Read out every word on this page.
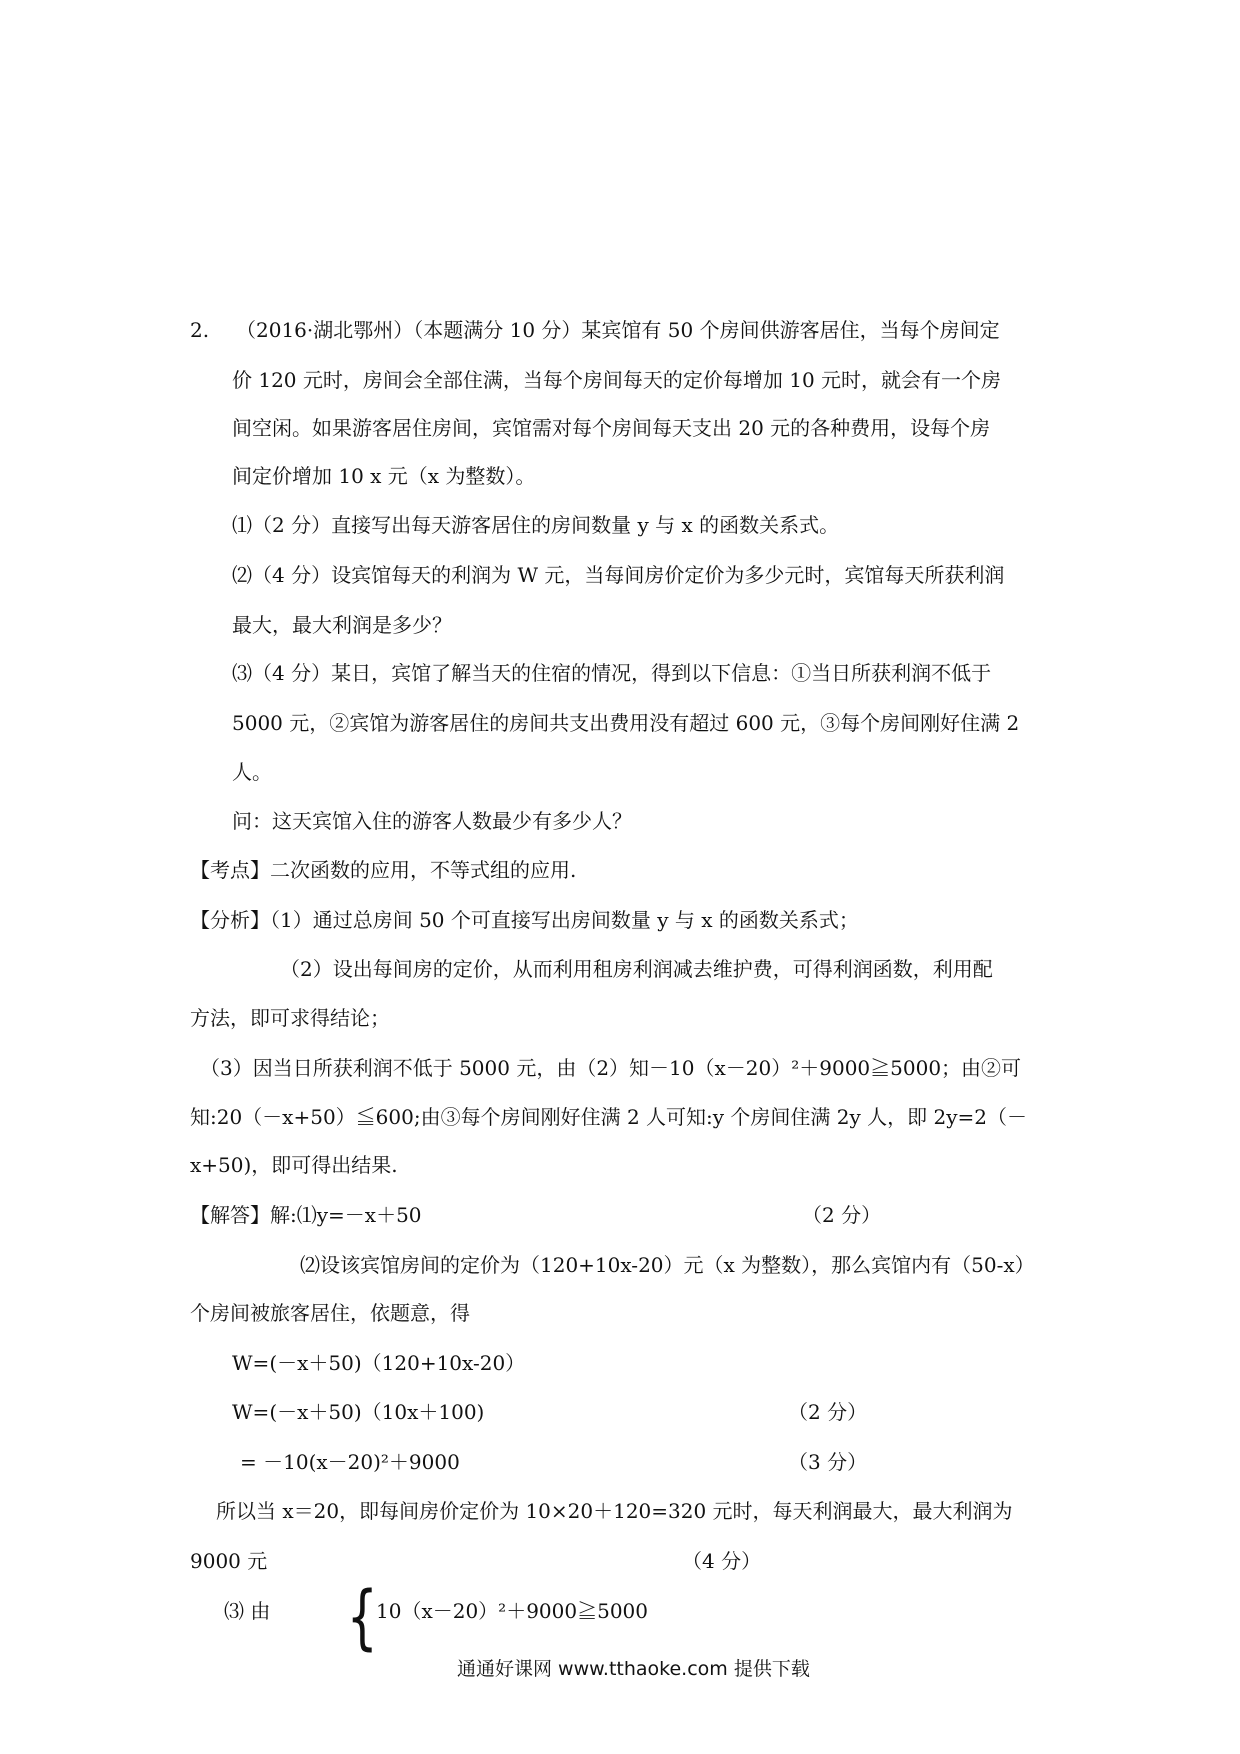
2. （2016·湖北鄂州）（本题满分 10 分）某宾馆有 50 个房间供游客居住，当每个房间定
价 120 元时，房间会全部住满，当每个房间每天的定价每增加 10 元时，就会有一个房
间空闲。如果游客居住房间，宾馆需对每个房间每天支出 20 元的各种费用，设每个房
间定价增加 10 x 元（x 为整数）。
⑴（2 分）直接写出每天游客居住的房间数量 y 与 x 的函数关系式。
⑵（4 分）设宾馆每天的利润为 W 元，当每间房价定价为多少元时，宾馆每天所获利润
最大，最大利润是多少？
⑶（4 分）某日，宾馆了解当天的住宿的情况，得到以下信息：①当日所获利润不低于
5000 元，②宾馆为游客居住的房间共支出费用没有超过 600 元，③每个房间刚好住满 2
人。
问：这天宾馆入住的游客人数最少有多少人？
【考点】二次函数的应用，不等式组的应用.
【分析】（1）通过总房间 50 个可直接写出房间数量 y 与 x 的函数关系式；
（2）设出每间房的定价，从而利用租房利润减去维护费，可得利润函数，利用配
方法，即可求得结论；
（3）因当日所获利润不低于 5000 元，由（2）知－10（x－20）²＋9000≧5000；由②可
知:20（－x+50）≦600;由③每个房间刚好住满 2 人可知:y 个房间住满 2y 人，即 2y=2（－
x+50)，即可得出结果.
【解答】解:⑴y=－x＋50	（2 分）
⑵设该宾馆房间的定价为（120+10x-20）元（x 为整数），那么宾馆内有（50-x）
个房间被旅客居住，依题意，得
W=(－x＋50)（120+10x-20）
W=(－x＋50)（10x＋100)	（2 分）
= －10(x－20)²＋9000	（3 分）
所以当 x＝20，即每间房价定价为 10×20＋120=320 元时，每天利润最大，最大利润为
9000 元	（4 分）
⑶ 由 {
10（x－20）²＋9000≧5000
通通好课网 www.tthaoke.com 提供下载
